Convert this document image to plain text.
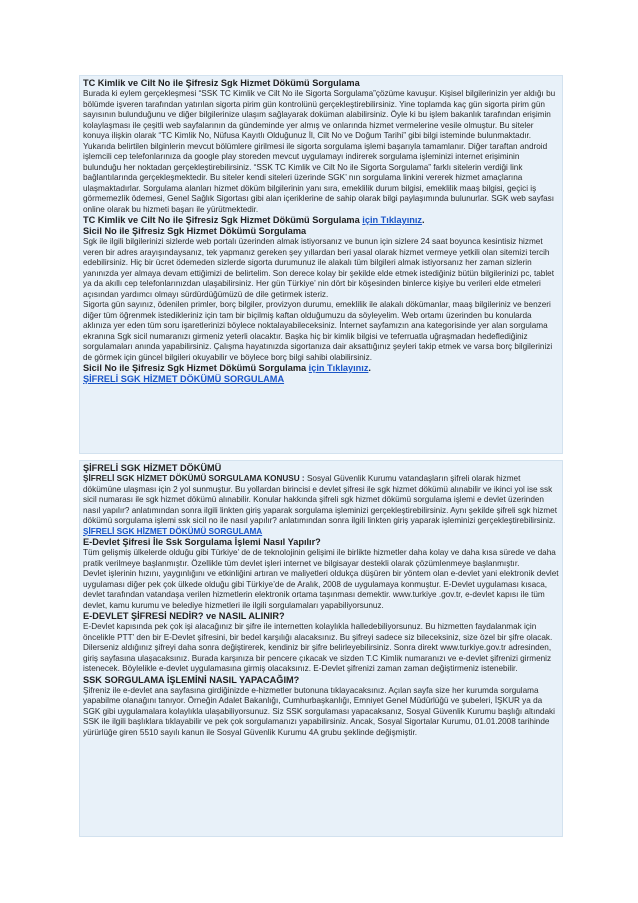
TC Kimlik ve Cilt No ile Şifresiz Sgk Hizmet Dökümü Sorgulama

Burada ki eylem gerçekleşmesi “SSK TC Kimlik ve Cilt No ile Sigorta Sorgulama”çözüme kavuşur. Kişisel bilgilerinizin yer aldığı bu bölümde işveren tarafından yatırılan sigorta pirim gün kontrolünü gerçekleştirebilirsiniz. Yine toplamda kaç gün sigorta pirim gün sayısının bulunduğunu ve diğer bilgilerinize ulaşım sağlayarak doküman alabilirsiniz. Öyle ki bu işlem bakanlık tarafından erişimin kolaylaşması ile çeşitli web sayfalarının da gündeminde yer almış ve onlarında hizmet vermelerine vesile olmuştur. Bu siteler konuya ilişkin olarak “TC Kimlik No, Nüfusa Kayıtlı Olduğunuz İl, Cilt No ve Doğum Tarihi” gibi bilgi isteminde bulunmaktadır.

Yukarıda belirtilen bilginlerin mevcut bölümlere girilmesi ile sigorta sorgulama işlemi başarıyla tamamlanır. Diğer taraftan android işlemcili cep telefonlarınıza da google play storeden mevcut uygulamayı indirerek sorgulama işleminizi internet erişiminin bulunduğu her noktadan gerçekleştirebilirsiniz. “SSK TC Kimlik ve Cilt No ile Sigorta Sorgulama” farklı sitelerin verdiği link bağlantılarında gerçekleşmektedir. Bu siteler kendi siteleri üzerinde SGK’ nın sorgulama linkini vererek hizmet amaçlarına ulaşmaktadırlar. Sorgulama alanları hizmet döküm bilgilerinin yanı sıra, emeklilik durum bilgisi, emeklilik maaş bilgisi, geçici iş görmemezlik ödemesi, Genel Sağlık Sigortası gibi alan içeriklerine de sahip olarak bilgi paylaşımında bulunurlar. SGK web sayfası online olarak bu hizmeti başarı ile yürütmektedir.

TC Kimlik ve Cilt No ile Şifresiz Sgk Hizmet Dökümü Sorgulama için Tıklayınız.

Sicil No ile Şifresiz Sgk Hizmet Dökümü Sorgulama

Sgk ile ilgili bilgilerinizi sizlerde web portalı üzerinden almak istiyorsanız ve bunun için sizlere 24 saat boyunca kesintisiz hizmet veren bir adres arayışındaysanız, tek yapmanız gereken şey yıllardan beri yasal olarak hizmet vermeye yetkili olan sitemizi tercih edebilirsiniz. Hiç bir ücret ödemeden sizlerde sigorta durumunuz ile alakalı tüm bilgileri almak istiyorsanız her zaman sizlerin yanınızda yer almaya devam ettiğimizi de belirtelim. Son derece kolay bir şekilde elde etmek istediğiniz bütün bilgilerinizi pc, tablet ya da akıllı cep telefonlarınızdan ulaşabilirsiniz. Her gün Türkiye’ nin dört bir köşesinden binlerce kişiye bu verileri elde etmeleri açısından yardımcı olmayı sürdürdüğümüzü de dile getirmek isteriz.

Sigorta gün sayınız, ödenilen primler, borç bilgiler, provizyon durumu, emeklilik ile alakalı dökümanlar, maaş bilgileriniz ve benzeri diğer tüm öğrenmek istedikleriniz için tam bir biçilmiş kaftan olduğumuzu da söyleyelim. Web ortamı üzerinden bu konularda aklınıza yer eden tüm soru işaretlerinizi böylece noktalayabileceksiniz. İnternet sayfamızın ana kategorisinde yer alan sorgulama ekranına Sgk sicil numaranızı girmeniz yeterli olacaktır. Başka hiç bir kimlik bilgisi ve teferruatla uğraşmadan hedeflediğiniz sorgulamaları anında yapabilirsiniz. Çalışma hayatınızda sigortanıza dair aksattığınız şeyleri takip etmek ve varsa borç bilgilerinizi de görmek için güncel bilgileri okuyabilir ve böylece borç bilgi sahibi olabilirsiniz.

Sicil No ile Şifresiz Sgk Hizmet Dökümü Sorgulama için Tıklayınız.

ŞİFRELİ SGK HİZMET DÖKÜMÜ SORGULAMA

ŞİFRELİ SGK HİZMET DÖKÜMÜ

ŞİFRELİ SGK HİZMET DÖKÜMÜ SORGULAMA KONUSU : Sosyal Güvenlik Kurumu vatandaşların şifreli olarak hizmet dökümüne ulaşması için 2 yol sunmuştur. Bu yollardan birincisi e devlet şifresi ile sgk hizmet dökümü alınabilir ve ikinci yol ise ssk sicil numarası ile sgk hizmet dökümü alınabilir. Konular hakkında şifreli sgk hizmet dökümü sorgulama işlemi e devlet üzerinden nasıl yapılır? anlatımından sonra ilgili linkten giriş yaparak sorgulama işleminizi gerçekleştirebilirsiniz. Aynı şekilde şifreli sgk hizmet dökümü sorgulama işlemi ssk sicil no ile nasıl yapılır? anlatımından sonra ilgili linkten giriş yaparak işleminizi gerçekleştirebilirsiniz. ŞİFRELİ SGK HİZMET DÖKÜMÜ SORGULAMA

E-Devlet Şifresi İle Ssk Sorgulama İşlemi Nasıl Yapılır?

Tüm gelişmiş ülkelerde olduğu gibi Türkiye’ de de teknolojinin gelişimi ile birlikte hizmetler daha kolay ve daha kısa sürede ve daha pratik verilmeye başlanmıştır. Özellikle tüm devlet işleri internet ve bilgisayar destekli olarak çözümlenmeye başlanmıştır.

Devlet işlerinin hızını, yaygınlığını ve etkinliğini artıran ve maliyetleri oldukça düşüren bir yöntem olan e-devlet yani elektronik devlet uygulaması diğer pek çok ülkede olduğu gibi Türkiye’de de Aralık, 2008 de uygulamaya konmuştur. E-Devlet uygulaması kısaca, devlet tarafından vatandaşa verilen hizmetlerin elektronik ortama taşınması demektir. www.turkiye .gov.tr, e-devlet kapısı ile tüm devlet, kamu kurumu ve belediye hizmetleri ile ilgili sorgulamaları yapabiliyorsunuz.

E-DEVLET ŞİFRESİ NEDİR? ve NASIL ALINIR?

E-Devlet kapısında pek çok işi alacağınız bir şifre ile internetten kolaylıkla halledebiliyorsunuz. Bu hizmetten faydalanmak için öncelikle PTT’ den bir E-Devlet şifresini, bir bedel karşılığı alacaksınız. Bu şifreyi sadece siz bileceksiniz, size özel bir şifre olacak. Dilerseniz aldığınız şifreyi daha sonra değiştirerek, kendiniz bir şifre belirleyebilirsiniz. Sonra direkt www.turkiye.gov.tr adresinden, giriş sayfasına ulaşacaksınız. Burada karşınıza bir pencere çıkacak ve sizden T.C Kimlik numaranızı ve e-devlet şifrenizi girmeniz istenecek. Böylelikle e-devlet uygulamasına girmiş olacaksınız. E-Devlet şifrenizi zaman zaman değiştirmeniz istenebilir.

SSK SORGULAMA İŞLEMİNİ NASIL YAPACAĞIM?

Şifreniz ile e-devlet ana sayfasına girdiğinizde e-hizmetler butonuna tıklayacaksınız. Açılan sayfa size her kurumda sorgulama yapabilme olanağını tanıyor. Örneğin Adalet Bakanlığı, Cumhurbaşkanlığı, Emniyet Genel Müdürlüğü ve şubeleri, İŞKUR ya da SGK gibi uygulamalara kolaylıkla ulaşabiliyorsunuz. Siz SSK sorgulaması yapacaksanız, Sosyal Güvenlik Kurumu başlığı altındaki SSK ile ilgili başlıklara tıklayabilir ve pek çok sorgulamanızı yapabilirsiniz. Ancak, Sosyal Sigortalar Kurumu, 01.01.2008 tarihinde yürürlüğe giren 5510 sayılı kanun ile Sosyal Güvenlik Kurumu 4A grubu şeklinde değişmiştir.
